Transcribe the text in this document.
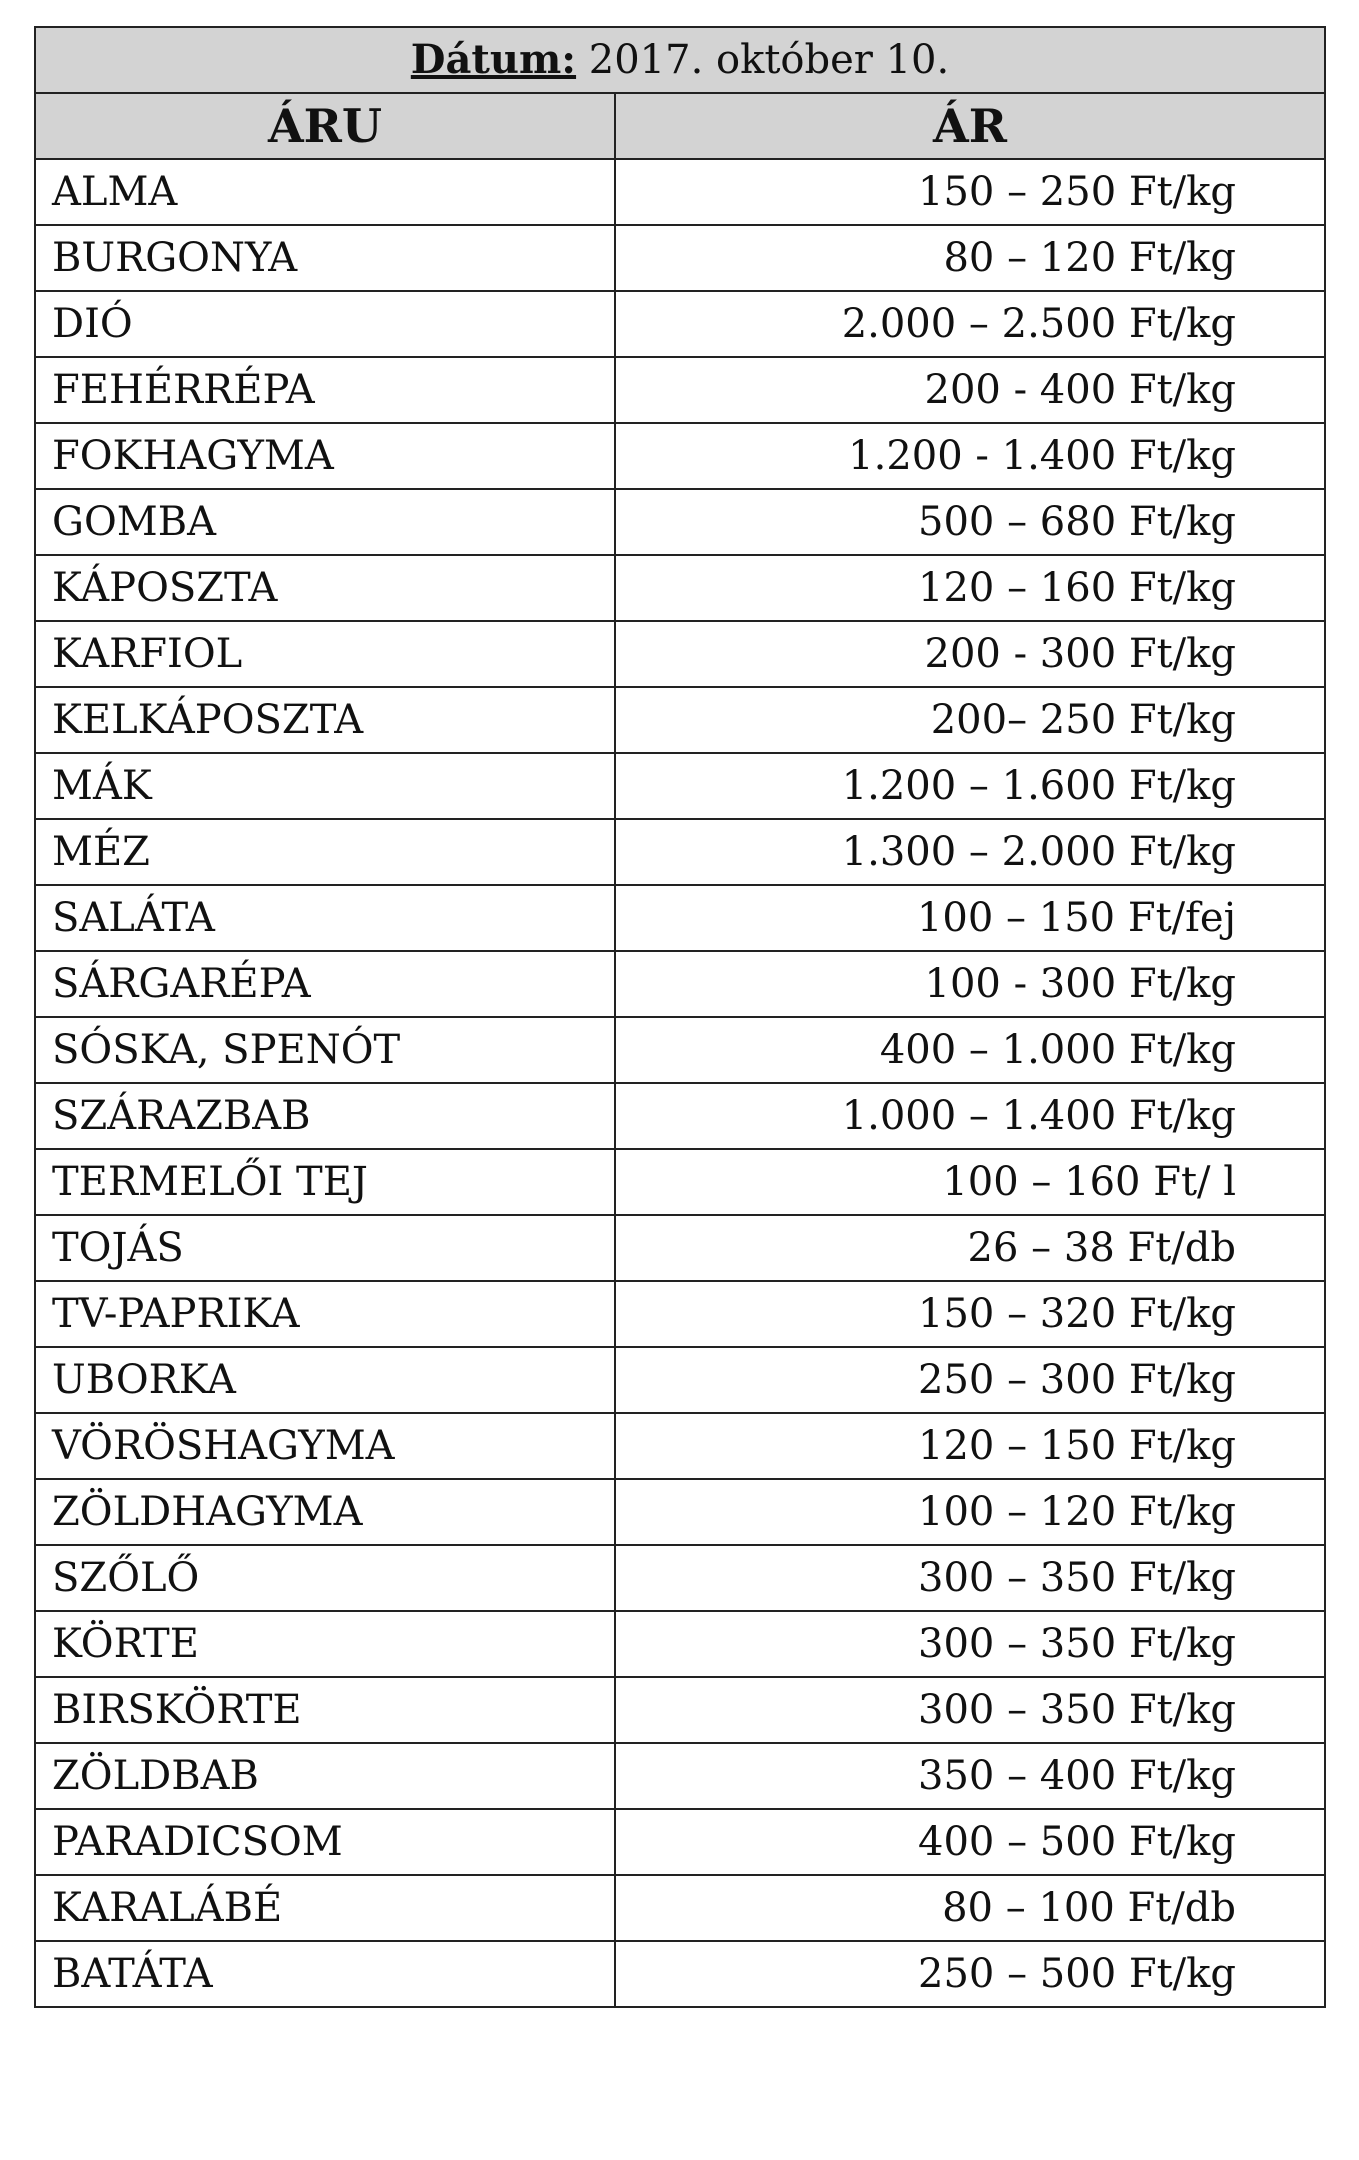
Dátum: 2017. október 10.	
ÁRU	ÁR
ALMA	150 – 250 Ft/kg
BURGONYA	80 – 120 Ft/kg
DIÓ	2.000 – 2.500 Ft/kg
FEHÉRRÉPA	200 - 400 Ft/kg
FOKHAGYMA	1.200 - 1.400 Ft/kg
GOMBA	500 – 680 Ft/kg
KÁPOSZTA	120 – 160 Ft/kg
KARFIOL	200 - 300 Ft/kg
KELKÁPOSZTA	200– 250 Ft/kg
MÁK	1.200 – 1.600 Ft/kg
MÉZ	1.300 – 2.000 Ft/kg
SALÁTA	100 – 150 Ft/fej
SÁRGARÉPA	100 - 300 Ft/kg
SÓSKA, SPENÓT	400 – 1.000 Ft/kg
SZÁRAZBAB	1.000 – 1.400 Ft/kg
TERMELŐI TEJ	100 – 160 Ft/ l
TOJÁS	26 – 38 Ft/db
TV-PAPRIKA	150 – 320 Ft/kg
UBORKA	250 – 300 Ft/kg
VÖRÖSHAGYMA	120 – 150 Ft/kg
ZÖLDHAGYMA	100 – 120 Ft/kg
SZŐLŐ	300 – 350 Ft/kg
KÖRTE	300 – 350 Ft/kg
BIRSKÖRTE	300 – 350 Ft/kg
ZÖLDBAB	350 – 400 Ft/kg
PARADICSOM	400 – 500 Ft/kg
KARALÁBÉ	80 – 100 Ft/db
BATÁTA	250 – 500 Ft/kg
